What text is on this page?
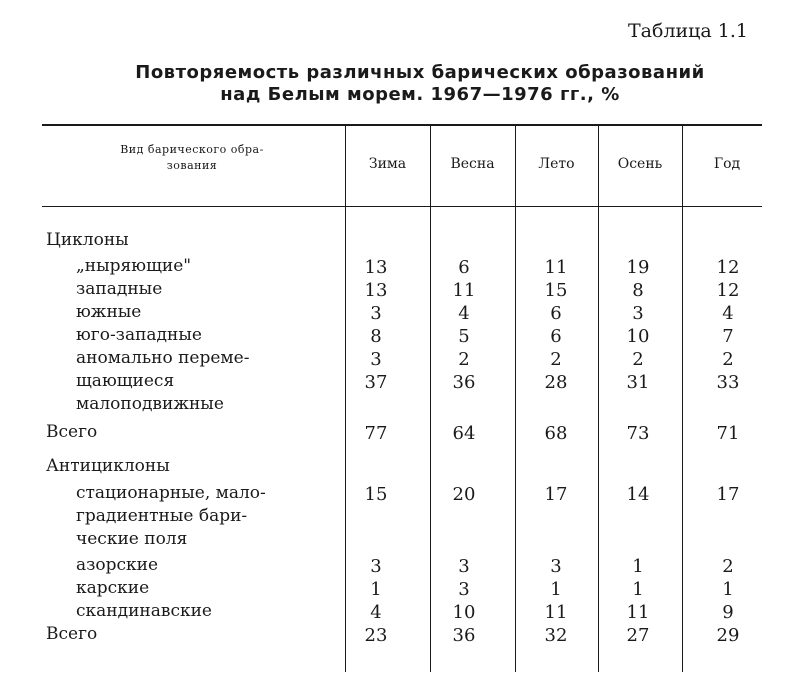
Таблица 1.1
Повторяемость различных барических образований
над Белым морем. 1967—1976 гг., %
Вид барического обра-
зования	Зима	Весна	Лето	Осень	Год
Циклоны
„ныряющие"	13	6	11	19	12
западные	13	11	15	8	12
южные	3	4	6	3	4
юго-западные	8	5	6	10	7
аномально переме-	3	2	2	2	2
щающиеся	37	36	28	31	33
малоподвижные
Всего	77	64	68	73	71
Антициклоны
стационарные, мало-	15	20	17	14	17
градиентные бари-
ческие поля
азорские	3	3	3	1	2
карские	1	3	1	1	1
скандинавские	4	10	11	11	9
Всего	23	36	32	27	29
